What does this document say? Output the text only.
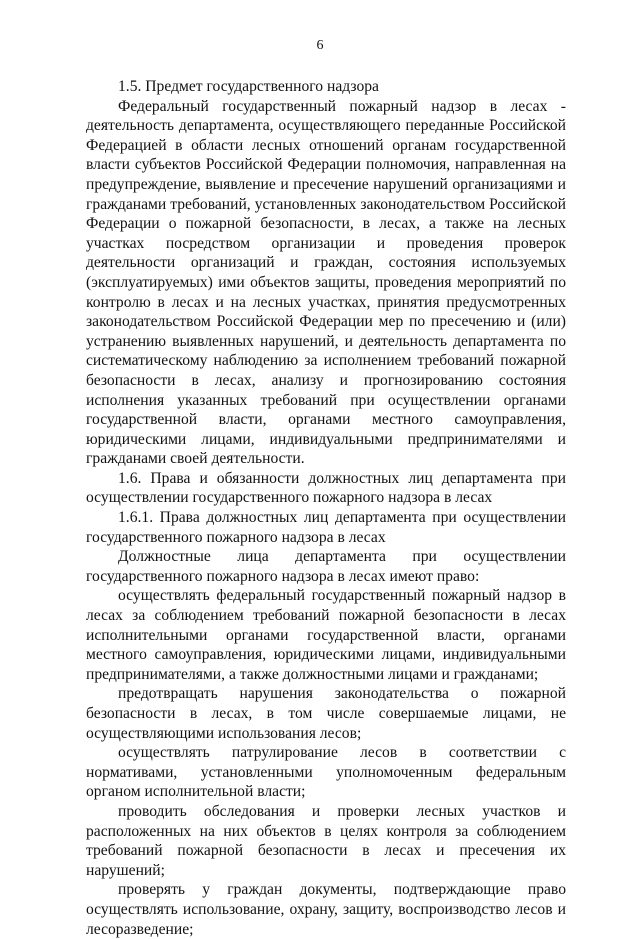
6

1.5. Предмет государственного надзора

Федеральный государственный пожарный надзор в лесах - деятельность департамента, осуществляющего переданные Российской Федерацией в области лесных отношений органам государственной власти субъектов Российской Федерации полномочия, направленная на предупреждение, выявление и пресечение нарушений организациями и гражданами требований, установленных законодательством Российской Федерации о пожарной безопасности, в лесах, а также на лесных участках посредством организации и проведения проверок деятельности организаций и граждан, состояния используемых (эксплуатируемых) ими объектов защиты, проведения мероприятий по контролю в лесах и на лесных участках, принятия предусмотренных законодательством Российской Федерации мер по пресечению и (или) устранению выявленных нарушений, и деятельность департамента по систематическому наблюдению за исполнением требований пожарной безопасности в лесах, анализу и прогнозированию состояния исполнения указанных требований при осуществлении органами государственной власти, органами местного самоуправления, юридическими лицами, индивидуальными предпринимателями и гражданами своей деятельности.

1.6. Права и обязанности должностных лиц департамента при осуществлении государственного пожарного надзора в лесах

1.6.1. Права должностных лиц департамента при осуществлении государственного пожарного надзора в лесах

Должностные лица департамента при осуществлении государственного пожарного надзора в лесах имеют право:

осуществлять федеральный государственный пожарный надзор в лесах за соблюдением требований пожарной безопасности в лесах исполнительными органами государственной власти, органами местного самоуправления, юридическими лицами, индивидуальными предпринимателями, а также должностными лицами и гражданами;

предотвращать нарушения законодательства о пожарной безопасности в лесах, в том числе совершаемые лицами, не осуществляющими использования лесов;

осуществлять патрулирование лесов в соответствии с нормативами, установленными уполномоченным федеральным органом исполнительной власти;

проводить обследования и проверки лесных участков и расположенных на них объектов в целях контроля за соблюдением требований пожарной безопасности в лесах и пресечения их нарушений;

проверять у граждан документы, подтверждающие право осуществлять использование, охрану, защиту, воспроизводство лесов и лесоразведение;
